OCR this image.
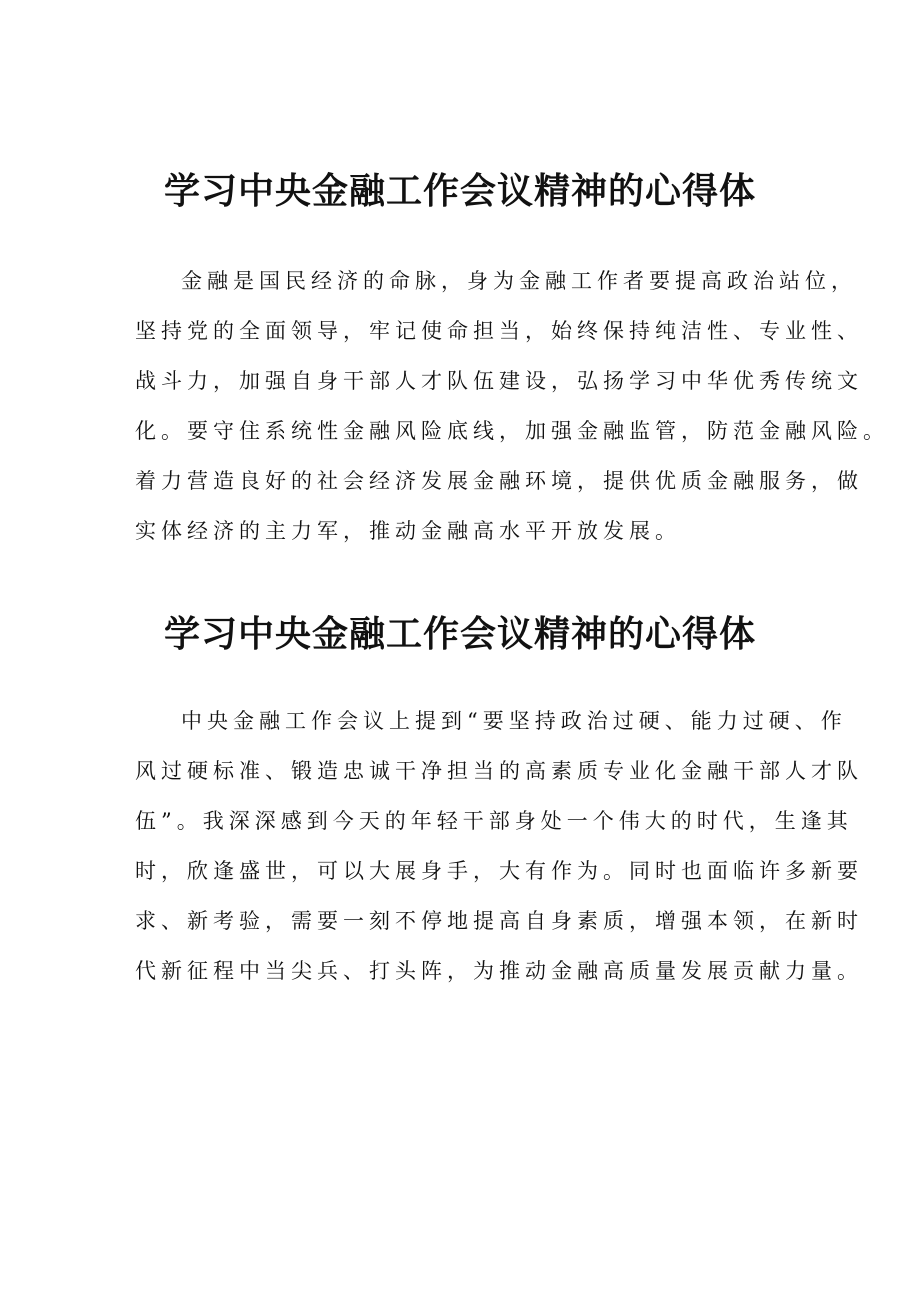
学习中央金融工作会议精神的心得体

金融是国民经济的命脉，身为金融工作者要提高政治站位，
坚持党的全面领导，牢记使命担当，始终保持纯洁性、专业性、
战斗力，加强自身干部人才队伍建设，弘扬学习中华优秀传统文
化。要守住系统性金融风险底线，加强金融监管，防范金融风险。
着力营造良好的社会经济发展金融环境，提供优质金融服务，做
实体经济的主力军，推动金融高水平开放发展。

学习中央金融工作会议精神的心得体

中央金融工作会议上提到“要坚持政治过硬、能力过硬、作
风过硬标准、锻造忠诚干净担当的高素质专业化金融干部人才队
伍”。我深深感到今天的年轻干部身处一个伟大的时代，生逢其
时，欣逢盛世，可以大展身手，大有作为。同时也面临许多新要
求、新考验，需要一刻不停地提高自身素质，增强本领，在新时
代新征程中当尖兵、打头阵，为推动金融高质量发展贡献力量。
